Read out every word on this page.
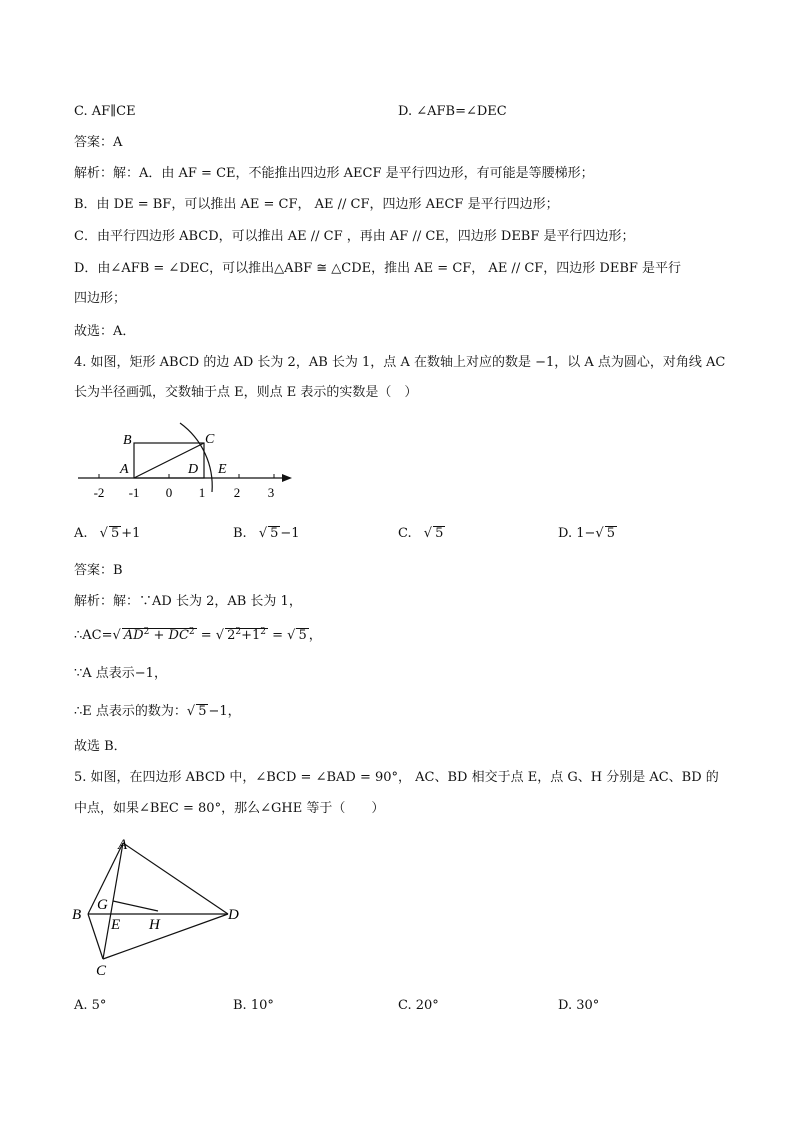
C. AF∥CE	D. ∠AFB=∠DEC
答案：A
解析：解：A．由 AF = CE，不能推出四边形 AECF 是平行四边形，有可能是等腰梯形；
B．由 DE = BF，可以推出 AE = CF， AE // CF，四边形 AECF 是平行四边形；
C．由平行四边形 ABCD，可以推出 AE // CF ，再由 AF // CE，四边形 DEBF 是平行四边形；
D．由∠AFB = ∠DEC，可以推出△ABF ≅ △CDE，推出 AE = CF， AE // CF，四边形 DEBF 是平行
四边形；
故选：A．
4. 如图，矩形 ABCD 的边 AD 长为 2，AB 长为 1，点 A 在数轴上对应的数是 −1，以 A 点为圆心，对角线 AC
长为半径画弧，交数轴于点 E，则点 E 表示的实数是（　）
B	C
A	D E
-2 -1 0 1 2 3
A. √ 5 +1	B. √ 5 −1	C. √ 5	D. 1−√ 5
答案：B
解析：解：∵AD 长为 2，AB 长为 1，
∴AC=√ $AD^2 + DC^2$ = √ $2^2+1^2$ = √ 5 ，
∵A 点表示−1，
∴E 点表示的数为：√ 5 −1，
故选 B．
5. 如图，在四边形 ABCD 中，∠BCD = ∠BAD = 90°， AC、BD 相交于点 E，点 G、H 分别是 AC、BD 的
中点，如果∠BEC = 80°，那么∠GHE 等于（　　）
A
B
G
E H
D
C
A. 5°	B. 10°	C. 20°	D. 30°
